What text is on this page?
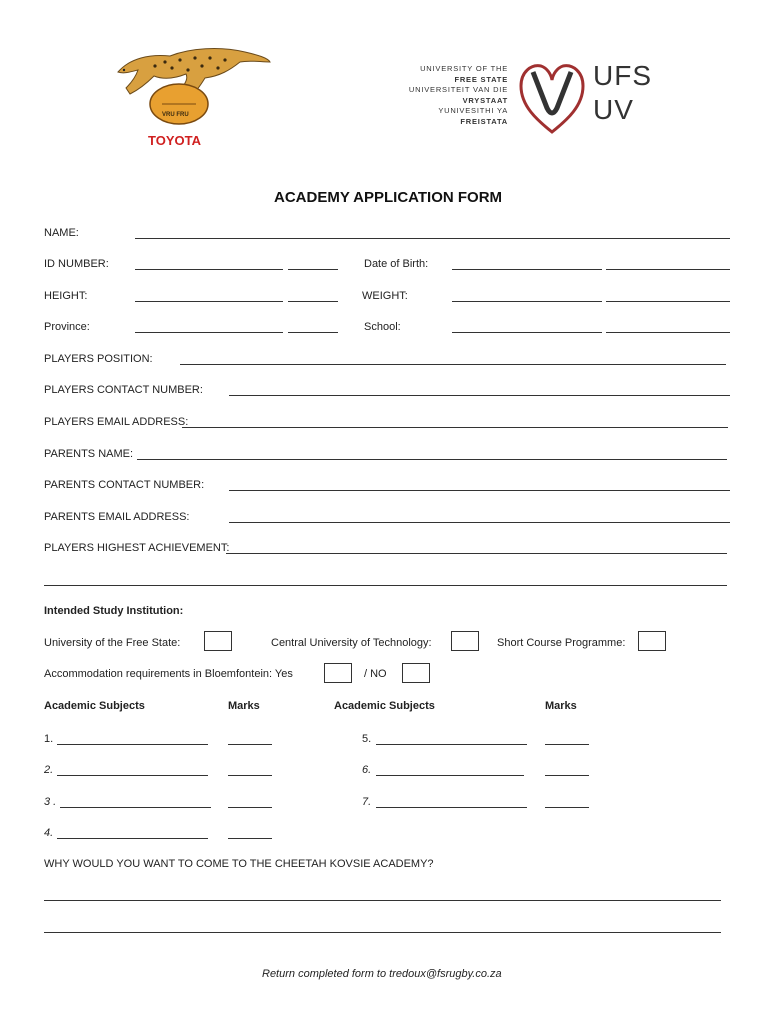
VRU FRU
TOYOTA
UNIVERSITY OF THE
FREE STATE
UNIVERSITEIT VAN DIE
VRYSTAAT
YUNIVESITHI YA
FREISTATA
UFS
UV
ACADEMY APPLICATION FORM
NAME:
ID NUMBER:	Date of Birth:
HEIGHT:	WEIGHT:
Province:	School:
PLAYERS POSITION:
PLAYERS CONTACT NUMBER:
PLAYERS EMAIL ADDRESS:
PARENTS NAME:
PARENTS CONTACT NUMBER:
PARENTS EMAIL ADDRESS:
PLAYERS HIGHEST ACHIEVEMENT:
Intended Study Institution:
University of the Free State:	Central University of Technology:	Short Course Programme:
Accommodation requirements in Bloemfontein: Yes	/ NO
Academic Subjects	Marks	Academic Subjects	Marks
1.
2.
3 .
4.
5.
6.
7.
WHY WOULD YOU WANT TO COME TO THE CHEETAH KOVSIE ACADEMY?
Return completed form to tredoux@fsrugby.co.za
